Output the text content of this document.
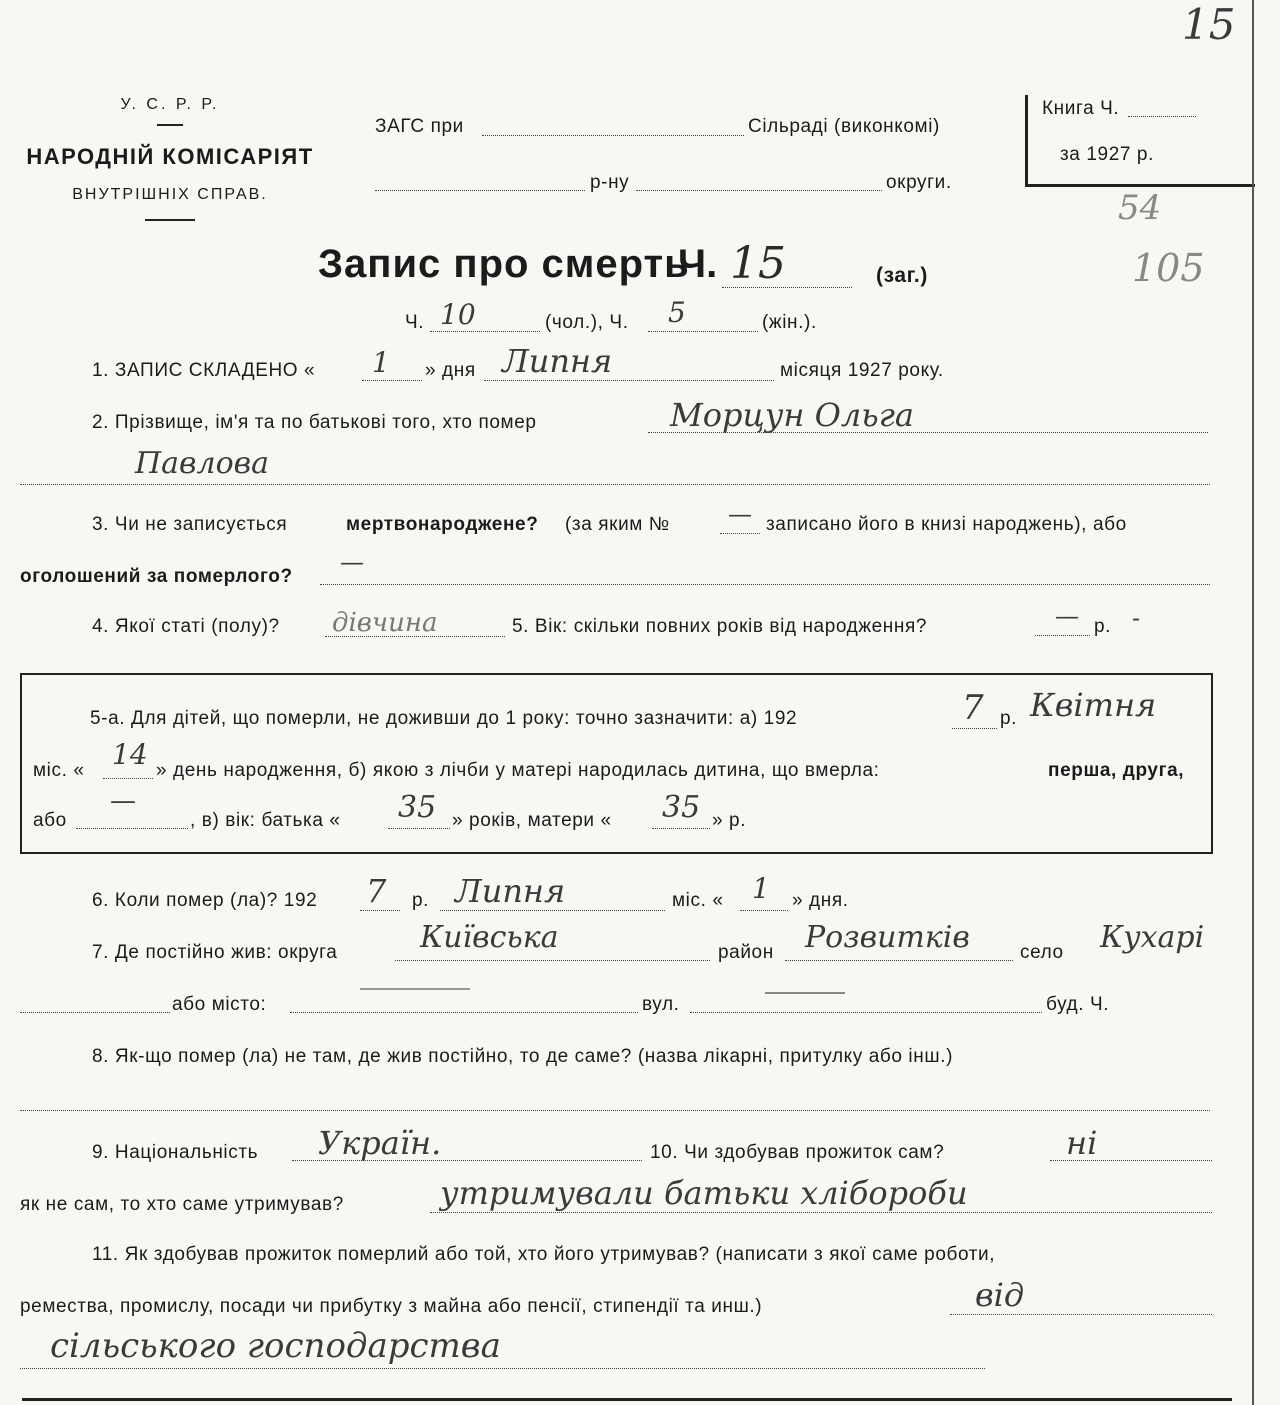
15
54
105
У. С. Р. Р.
НАРОДНІЙ КОМІСАРІЯТ
ВНУТРІШНІХ СПРАВ.
ЗАГС при	Сільраді (виконкомі)
р-ну	округи.
Книга Ч.
за 1927 р.
Запис про смерть
Ч. 15	(заг.)
Ч. 10	(чол.), Ч. 5	(жін.).
1. ЗАПИС СКЛАДЕНО « 1 » дня Липня	місяця 1927 року.
2. Прізвище, ім'я та по батькові того, хто помер	Морцун Ольга
Павлова
3. Чи не записується	мертвонароджене? (за яким № — записано його в книзі народжень), або
оголошений за померлого?
—
4. Якої статі (полу)? дівчина	5. Вік: скільки повних років від народження?	— р. -
5-а. Для дітей, що померли, не доживши до 1 року: точно зазначити: а) 192	7 р. Квітня
міс. « 14 » день народження, б) якою з лічби у матері народилась дитина, що вмерла:	перша, друга,
або
—
, в) вік: батька « 35 » років, матери « 35 » р.
6. Коли помер (ла)? 192 7 р. Липня	міс. « 1 » дня.
7. Де постійно жив: округа	Київська	район Розвитків	село Кухарі
або місто:	вул.	буд. Ч.
8. Як-що помер (ла) не там, де жив постійно, то де саме? (назва лікарні, притулку або інш.)
9. Національність Україн.	10. Чи здобував прожиток сам?	ні
як не сам, то хто саме утримував?	утримували батьки хлібороби
11. Як здобував прожиток померлий або той, хто його утримував? (написати з якої саме роботи,
ремества, промислу, посади чи прибутку з майна або пенсії, стипендії та инш.)	від
сільського господарства
